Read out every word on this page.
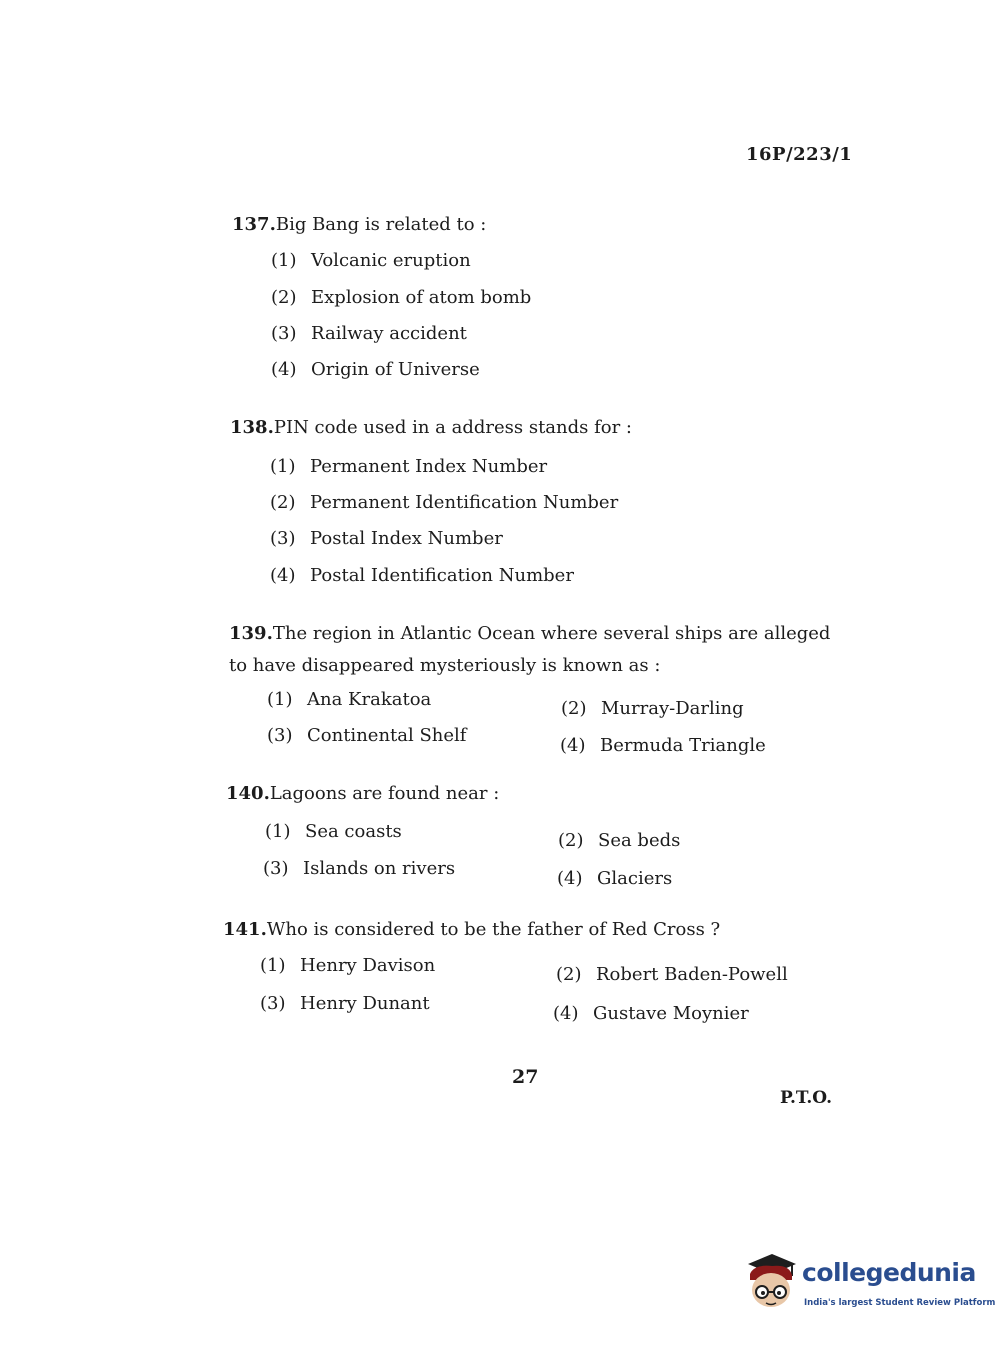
16P/223/1
137.Big Bang is related to :
(1) Volcanic eruption
(2) Explosion of atom bomb
(3) Railway accident
(4) Origin of Universe
138.PIN code used in a address stands for :
(1) Permanent Index Number
(2) Permanent Identification Number
(3) Postal Index Number
(4) Postal Identification Number
139.The region in Atlantic Ocean where several ships are alleged to have disappeared mysteriously is known as :
(1) Ana Krakatoa	(2) Murray-Darling
(3) Continental Shelf	(4) Bermuda Triangle
140.Lagoons are found near :
(1) Sea coasts	(2) Sea beds
(3) Islands on rivers	(4) Glaciers
141.Who is considered to be the father of Red Cross ?
(1) Henry Davison	(2) Robert Baden-Powell
(3) Henry Dunant	(4) Gustave Moynier
27
P.T.O.
collegedunia
India's largest Student Review Platform
